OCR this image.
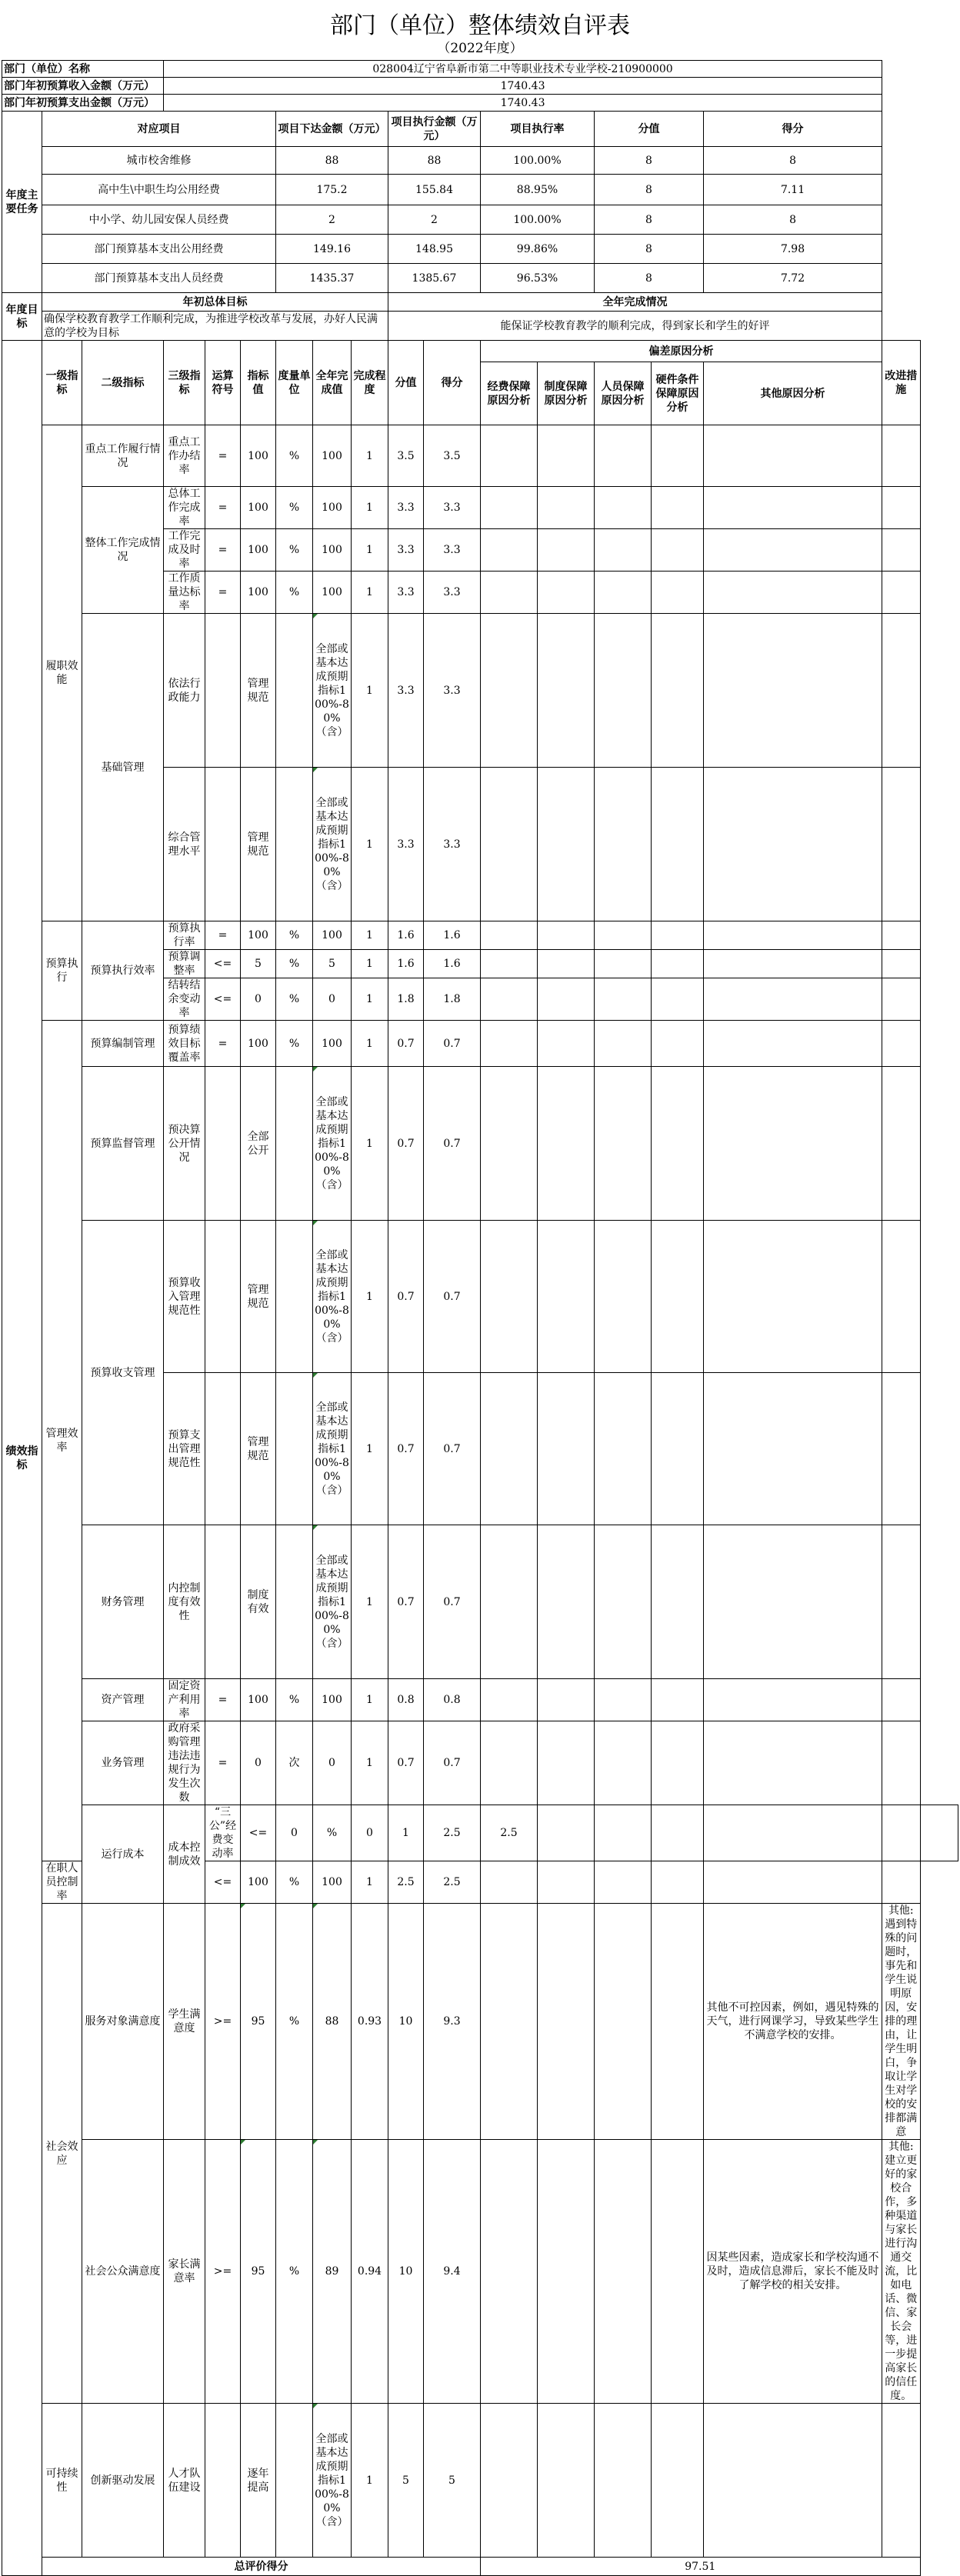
部门（单位）整体绩效自评表
（2022年度）
部门（单位）名称			028004辽宁省阜新市第二中等职业技术专业学校-210900000														
部门年初预算收入金额（万元）			1740.43														
部门年初预算支出金额（万元）			1740.43														
年度主要任务	对应项目					项目下达金额（万元）			项目执行金额（万元）		项目执行率		分值		得分		
	城市校舍维修					88			88		100.00%		8		8		
	高中生\中职生均公用经费					175.2			155.84		88.95%		8		7.11		
	中小学、幼儿园安保人员经费					2			2		100.00%		8		8		
	部门预算基本支出公用经费					149.16			148.95		99.86%		8		7.98		
	部门预算基本支出人员经费					1435.37			1385.67		96.53%		8		7.72		
年度目标	年初总体目标								全年完成情况								
	确保学校教育教学工作顺利完成，为推进学校改革与发展，办好人民满意的学校为目标								能保证学校教育教学的顺利完成，得到家长和学生的好评								
绩效指标	一级指标	二级指标	三级指标	运算符号	指标值	度量单位	全年完成值	完成程度	分值	得分	偏差原因分析					改进措施	
											经费保障原因分析	制度保障原因分析	人员保障原因分析	硬件条件保障原因分析	其他原因分析		
	履职效能	重点工作履行情况	重点工作办结率	=	100	%	100	1	3.5	3.5							
		整体工作完成情况	总体工作完成率	=	100	%	100	1	3.3	3.3							
			工作完成及时率	=	100	%	100	1	3.3	3.3							
			工作质量达标率	=	100	%	100	1	3.3	3.3							
		基础管理	依法行政能力		管理规范		全部或基本达成预期指标100%-80%（含）	1	3.3	3.3							
			综合管理水平		管理规范		全部或基本达成预期指标100%-80%（含）	1	3.3	3.3							
	预算执行	预算执行效率	预算执行率	=	100	%	100	1	1.6	1.6							
			预算调整率	<=	5	%	5	1	1.6	1.6							
			结转结余变动率	<=	0	%	0	1	1.8	1.8							
	管理效率	预算编制管理	预算绩效目标覆盖率	=	100	%	100	1	0.7	0.7							
		预算监督管理	预决算公开情况		全部公开		全部或基本达成预期指标100%-80%（含）	1	0.7	0.7							
		预算收支管理	预算收入管理规范性		管理规范		全部或基本达成预期指标100%-80%（含）	1	0.7	0.7							
			预算支出管理规范性		管理规范		全部或基本达成预期指标100%-80%（含）	1	0.7	0.7							
		财务管理	内控制度有效性		制度有效		全部或基本达成预期指标100%-80%（含）	1	0.7	0.7							
		资产管理	固定资产利用率	=	100	%	100	1	0.8	0.8							
		业务管理	政府采购管理违法违规行为发生次数	=	0	次	0	1	0.7	0.7							
		运行成本	成本控制成效	“三公”经费变动率	<=	0	%	0	1	2.5	2.5						
	在职人员控制率			<=	100	%	100	1	2.5	2.5							
	社会效应	服务对象满意度	学生满意度	>=	95	%	88	0.93	10	9.3					其他不可控因素，例如，遇见特殊的天气，进行网课学习，导致某些学生不满意学校的安排。	其他:遇到特殊的问题时，事先和学生说明原因，安排的理由，让学生明白，争取让学生对学校的安排都满意	
		社会公众满意度	家长满意率	>=	95	%	89	0.94	10	9.4					因某些因素，造成家长和学校沟通不及时，造成信息滞后，家长不能及时了解学校的相关安排。	其他:建立更好的家校合作，多种渠道与家长进行沟通交流，比如电话、微信、家长会等，进一步提高家长的信任度。	
	可持续性	创新驱动发展	人才队伍建设		逐年提高		全部或基本达成预期指标100%-80%（含）	1	5	5							
	总评价得分										97.51						
